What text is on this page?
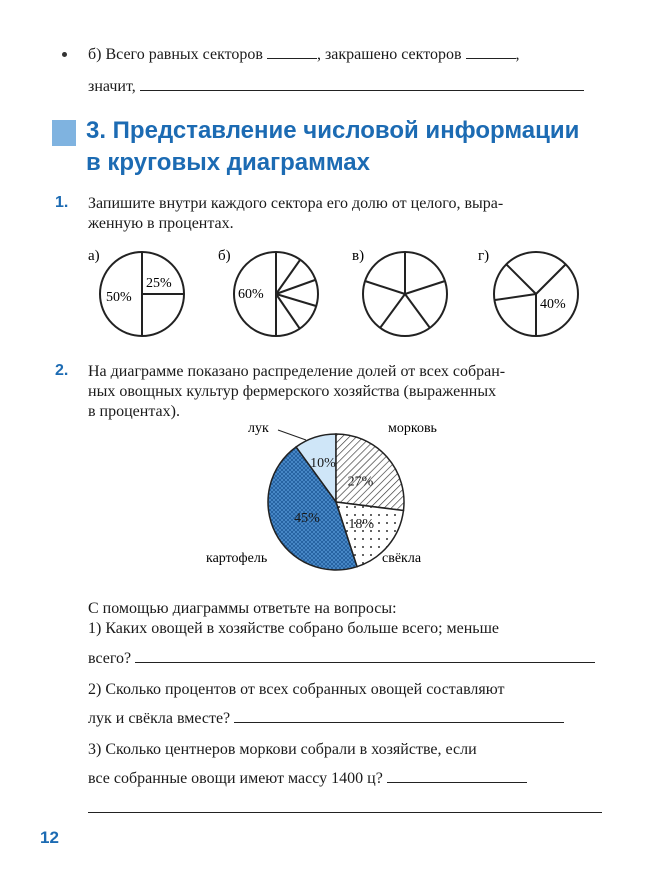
б) Всего равных секторов	, закрашено секторов	,
значит,
3. Представление числовой информации
в круговых диаграммах
1. Запишите внутри каждого сектора его долю от целого, выра-
женную в процентах.
а)
50%
25%
б)
60%
в)	г)
40%
2. На диаграмме показано распределение долей от всех собран-
ных овощных культур фермерского хозяйства (выраженных
в процентах).
10%
27%
18%
45%
лук	морковь
картофель	свёкла
С помощью диаграммы ответьте на вопросы:
1) Каких овощей в хозяйстве собрано больше всего; меньше
всего?
2) Сколько процентов от всех собранных овощей составляют
лук и свёкла вместе?
3) Сколько центнеров моркови собрали в хозяйстве, если
все собранные овощи имеют массу 1400 ц?
12
